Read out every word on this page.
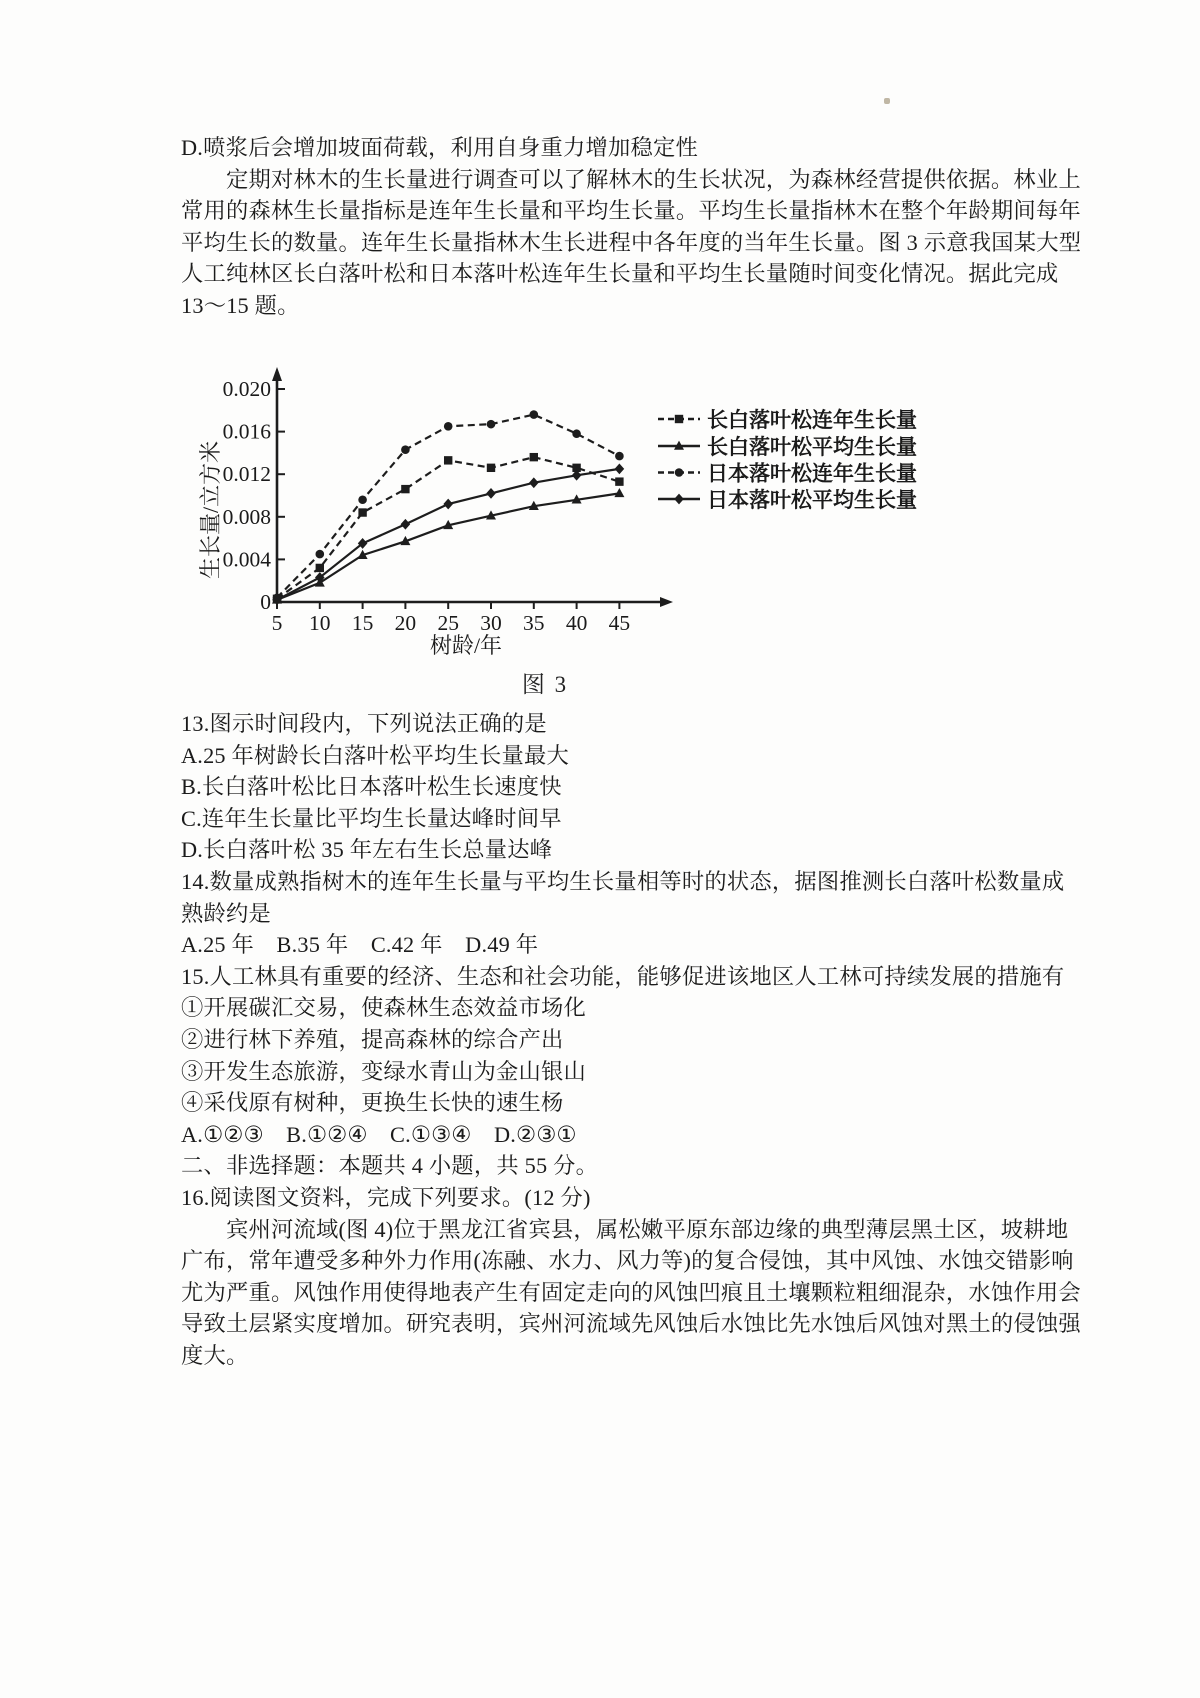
D.喷浆后会增加坡面荷载，利用自身重力增加稳定性
定期对林木的生长量进行调查可以了解林木的生长状况，为森林经营提供依据。林业上
常用的森林生长量指标是连年生长量和平均生长量。平均生长量指林木在整个年龄期间每年
平均生长的数量。连年生长量指林木生长进程中各年度的当年生长量。图 3 示意我国某大型
人工纯林区长白落叶松和日本落叶松连年生长量和平均生长量随时间变化情况。据此完成
13～15 题。
0.004
0.008
0.012
0.016
0.020
0
5 10 15 20 25 30 35 40 45
树龄/年
生长量/立方米
长白落叶松连年生长量
长白落叶松平均生长量
日本落叶松连年生长量
日本落叶松平均生长量
图 3
13.图示时间段内，下列说法正确的是
A.25 年树龄长白落叶松平均生长量最大
B.长白落叶松比日本落叶松生长速度快
C.连年生长量比平均生长量达峰时间早
D.长白落叶松 35 年左右生长总量达峰
14.数量成熟指树木的连年生长量与平均生长量相等时的状态，据图推测长白落叶松数量成
熟龄约是
A.25 年　B.35 年　C.42 年　D.49 年
15.人工林具有重要的经济、生态和社会功能，能够促进该地区人工林可持续发展的措施有
①开展碳汇交易，使森林生态效益市场化
②进行林下养殖，提高森林的综合产出
③开发生态旅游，变绿水青山为金山银山
④采伐原有树种，更换生长快的速生杨
A.①②③　B.①②④　C.①③④　D.②③①
二、非选择题：本题共 4 小题，共 55 分。
16.阅读图文资料，完成下列要求。(12 分)
宾州河流域(图 4)位于黑龙江省宾县，属松嫩平原东部边缘的典型薄层黑土区，坡耕地
广布，常年遭受多种外力作用(冻融、水力、风力等)的复合侵蚀，其中风蚀、水蚀交错影响
尤为严重。风蚀作用使得地表产生有固定走向的风蚀凹痕且土壤颗粒粗细混杂，水蚀作用会
导致土层紧实度增加。研究表明，宾州河流域先风蚀后水蚀比先水蚀后风蚀对黑土的侵蚀强
度大。
